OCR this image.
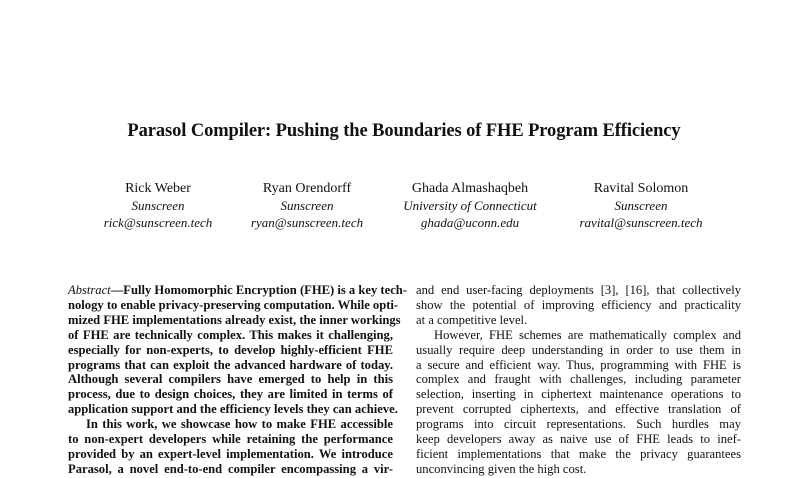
Parasol Compiler: Pushing the Boundaries of FHE Program Efficiency
Rick Weber
Sunscreen
rick@sunscreen.tech
Ryan Orendorff
Sunscreen
ryan@sunscreen.tech
Ghada Almashaqbeh
University of Connecticut
ghada@uconn.edu
Ravital Solomon
Sunscreen
ravital@sunscreen.tech

Abstract—Fully Homomorphic Encryption (FHE) is a key tech-
nology to enable privacy-preserving computation. While opti-
mized FHE implementations already exist, the inner workings
of FHE are technically complex. This makes it challenging,
especially for non-experts, to develop highly-efficient FHE
programs that can exploit the advanced hardware of today.
Although several compilers have emerged to help in this
process, due to design choices, they are limited in terms of
application support and the efficiency levels they can achieve.

In this work, we showcase how to make FHE accessible
to non-expert developers while retaining the performance
provided by an expert-level implementation. We introduce
Parasol, a novel end-to-end compiler encompassing a vir-

and end user-facing deployments [3], [16], that collectively
show the potential of improving efficiency and practicality
at a competitive level.

However, FHE schemes are mathematically complex and
usually require deep understanding in order to use them in
a secure and efficient way. Thus, programming with FHE is
complex and fraught with challenges, including parameter
selection, inserting in ciphertext maintenance operations to
prevent corrupted ciphertexts, and effective translation of
programs into circuit representations. Such hurdles may
keep developers away as naive use of FHE leads to inef-
ficient implementations that make the privacy guarantees
unconvincing given the high cost.
